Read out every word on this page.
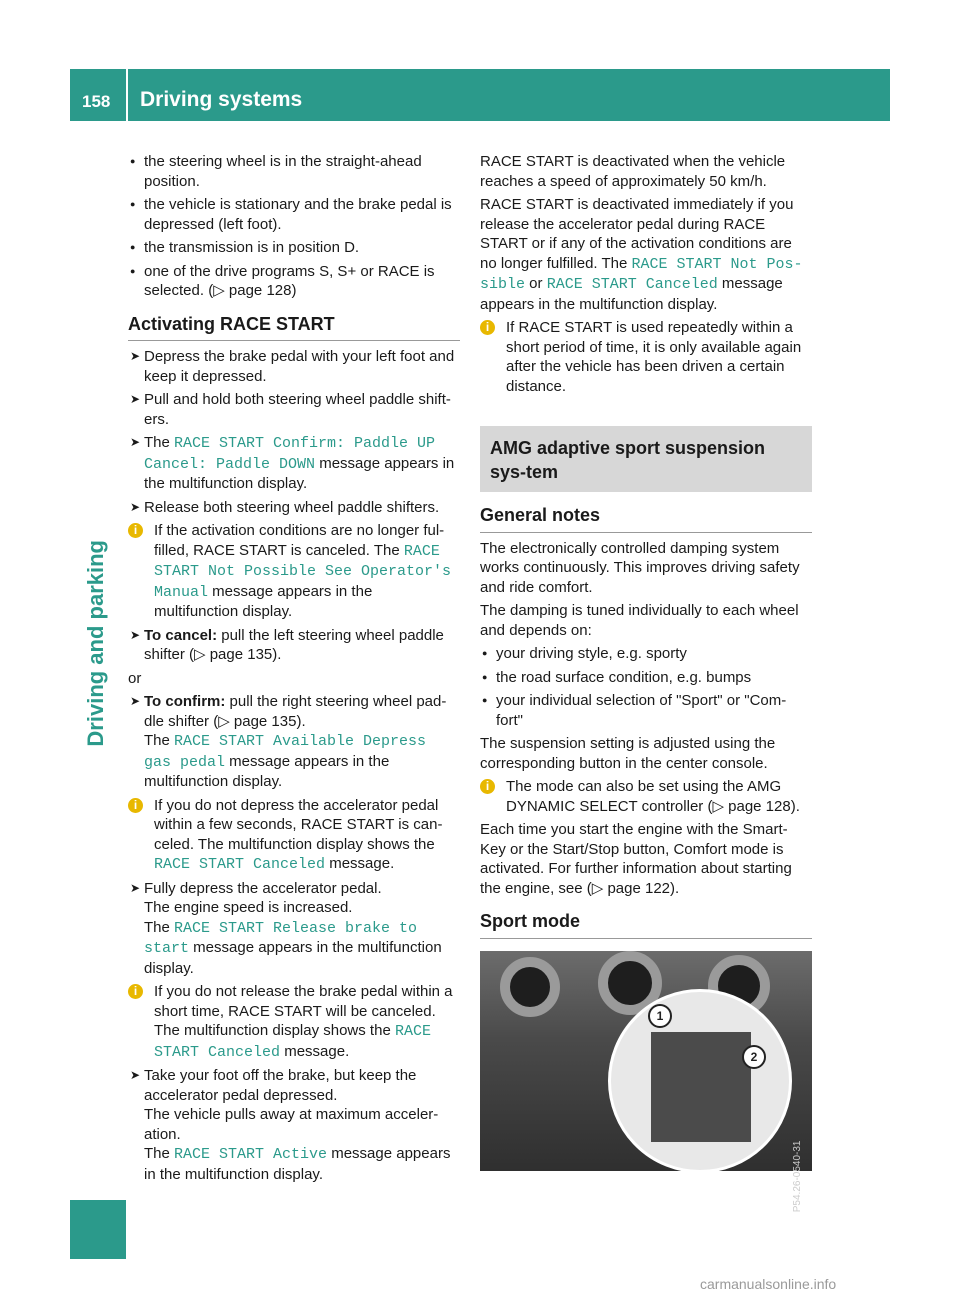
158	Driving systems
Driving and parking
● the steering wheel is in the straight-ahead position.
● the vehicle is stationary and the brake pedal is depressed (left foot).
● the transmission is in position D.
● one of the drive programs S, S+ or RACE is selected. (▷ page 128)
Activating RACE START
➤ Depress the brake pedal with your left foot and keep it depressed.
➤ Pull and hold both steering wheel paddle shift-ers.
➤ The RACE START Confirm: Paddle UP Cancel: Paddle DOWN message appears in the multifunction display.
➤ Release both steering wheel paddle shifters.
i	If the activation conditions are no longer ful-filled, RACE START is canceled. The RACE START Not Possible See Operator's Manual message appears in the multifunction display.
➤ To cancel: pull the left steering wheel paddle shifter (▷ page 135).

or

➤ To confirm: pull the right steering wheel pad-dle shifter (▷ page 135).
The RACE START Available Depress gas pedal message appears in the multifunction display.
i	If you do not depress the accelerator pedal within a few seconds, RACE START is can-celed. The multifunction display shows the RACE START Canceled message.
➤ Fully depress the accelerator pedal.
The engine speed is increased.
The RACE START Release brake to start message appears in the multifunction display.
i	If you do not release the brake pedal within a short time, RACE START will be canceled. The multifunction display shows the RACE START Canceled message.
➤ Take your foot off the brake, but keep the accelerator pedal depressed.
The vehicle pulls away at maximum acceler-ation.
The RACE START Active message appears in the multifunction display.

RACE START is deactivated when the vehicle reaches a speed of approximately 50 km/h.

RACE START is deactivated immediately if you release the accelerator pedal during RACE START or if any of the activation conditions are no longer fulfilled. The RACE START Not Pos-sible or RACE START Canceled message appears in the multifunction display.

i	If RACE START is used repeatedly within a short period of time, it is only available again after the vehicle has been driven a certain distance.
AMG adaptive sport suspension sys-tem
General notes

The electronically controlled damping system works continuously. This improves driving safety and ride comfort.

The damping is tuned individually to each wheel and depends on:

● your driving style, e.g. sporty
● the road surface condition, e.g. bumps
● your individual selection of "Sport" or "Com-fort"

The suspension setting is adjusted using the corresponding button in the center console.

i	The mode can also be set using the AMG DYNAMIC SELECT controller (▷ page 128).

Each time you start the engine with the Smart-Key or the Start/Stop button, Comfort mode is activated. For further information about starting the engine, see (▷ page 122).

Sport mode
1
2
P54.26-0540-31
carmanualsonline.info
